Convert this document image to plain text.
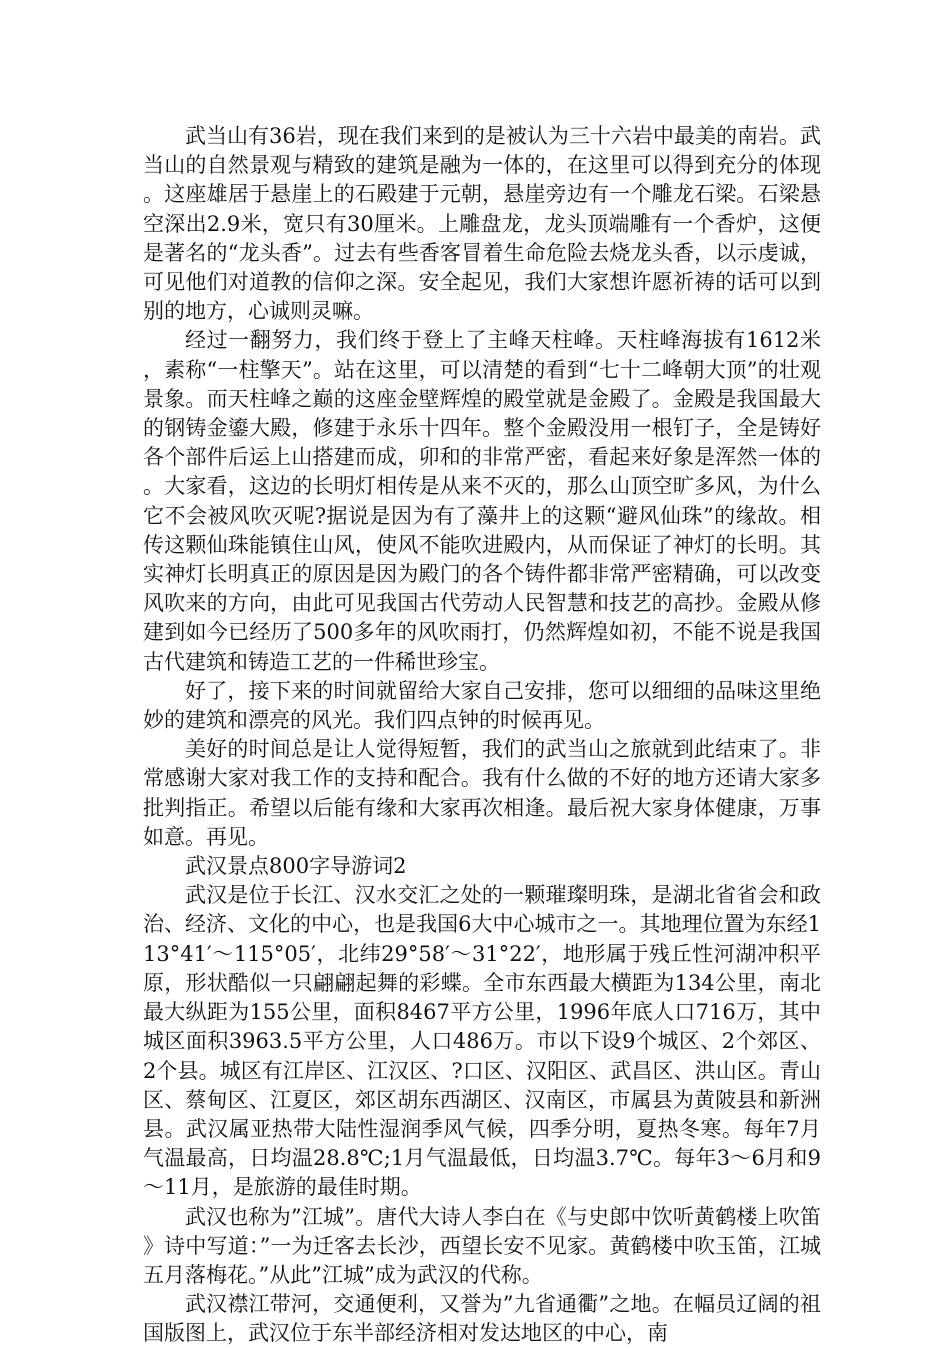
武当山有36岩，现在我们来到的是被认为三十六岩中最美的南岩。武当山的自然景观与精致的建筑是融为一体的，在这里可以得到充分的体现。这座雄居于悬崖上的石殿建于元朝，悬崖旁边有一个雕龙石梁。石梁悬空深出2.9米，宽只有30厘米。上雕盘龙，龙头顶端雕有一个香炉，这便是著名的“龙头香”。过去有些香客冒着生命危险去烧龙头香，以示虔诚，可见他们对道教的信仰之深。安全起见，我们大家想许愿祈祷的话可以到别的地方，心诚则灵嘛。

经过一翻努力，我们终于登上了主峰天柱峰。天柱峰海拔有1612米，素称“一柱擎天”。站在这里，可以清楚的看到“七十二峰朝大顶”的壮观景象。而天柱峰之巅的这座金壁辉煌的殿堂就是金殿了。金殿是我国最大的钢铸金鎏大殿，修建于永乐十四年。整个金殿没用一根钉子，全是铸好各个部件后运上山搭建而成，卯和的非常严密，看起来好象是浑然一体的。大家看，这边的长明灯相传是从来不灭的，那么山顶空旷多风，为什么它不会被风吹灭呢?据说是因为有了藻井上的这颗“避风仙珠”的缘故。相传这颗仙珠能镇住山风，使风不能吹进殿内，从而保证了神灯的长明。其实神灯长明真正的原因是因为殿门的各个铸件都非常严密精确，可以改变风吹来的方向，由此可见我国古代劳动人民智慧和技艺的高抄。金殿从修建到如今已经历了500多年的风吹雨打，仍然辉煌如初，不能不说是我国古代建筑和铸造工艺的一件稀世珍宝。

好了，接下来的时间就留给大家自己安排，您可以细细的品味这里绝妙的建筑和漂亮的风光。我们四点钟的时候再见。

美好的时间总是让人觉得短暂，我们的武当山之旅就到此结束了。非常感谢大家对我工作的支持和配合。我有什么做的不好的地方还请大家多批判指正。希望以后能有缘和大家再次相逢。最后祝大家身体健康，万事如意。再见。

武汉景点800字导游词2

武汉是位于长江、汉水交汇之处的一颗璀璨明珠，是湖北省省会和政治、经济、文化的中心，也是我国6大中心城市之一。其地理位置为东经113°41′～115°05′，北纬29°58′～31°22′，地形属于残丘性河湖冲积平原，形状酷似一只翩翩起舞的彩蝶。全市东西最大横距为134公里，南北最大纵距为155公里，面积8467平方公里，1996年底人口716万，其中城区面积3963.5平方公里，人口486万。市以下设9个城区、2个郊区、2个县。城区有江岸区、江汉区、?口区、汉阳区、武昌区、洪山区。青山区、蔡甸区、江夏区，郊区胡东西湖区、汉南区，市属县为黄陂县和新洲县。武汉属亚热带大陆性湿润季风气候，四季分明，夏热冬寒。每年7月气温最高，日均温28.8℃;1月气温最低，日均温3.7℃。每年3～6月和9～11月，是旅游的最佳时期。

武汉也称为”江城”。唐代大诗人李白在《与史郎中饮听黄鹤楼上吹笛》诗中写道：”一为迁客去长沙，西望长安不见家。黄鹤楼中吹玉笛，江城五月落梅花。”从此”江城”成为武汉的代称。

武汉襟江带河，交通便利，又誉为”九省通衢”之地。在幅员辽阔的祖国版图上，武汉位于东半部经济相对发达地区的中心，南
